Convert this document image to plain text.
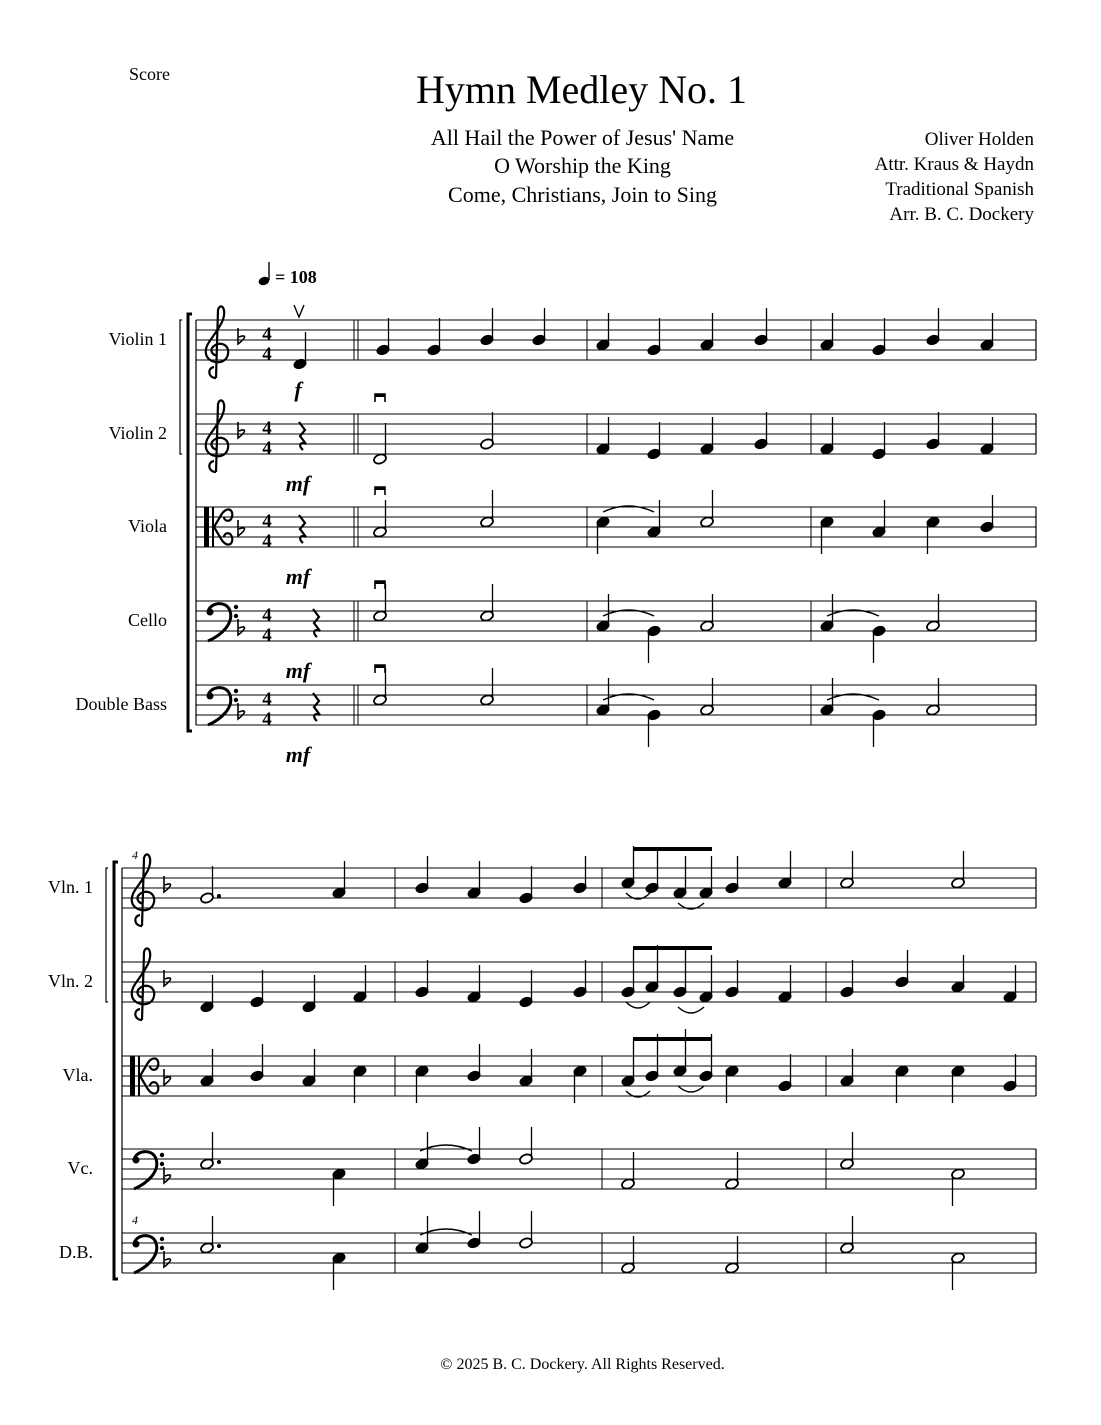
Score	Hymn Medley No. 1
All Hail the Power of Jesus' Name
O Worship the King
Come, Christians, Join to Sing
Oliver Holden
Attr. Kraus & Haydn
Traditional Spanish
Arr. B. C. Dockery
= 108
Violin 1	4
4
f
Violin 2	4
4
mf
Viola	4
4
mf
Cello	4
4
mf
Double Bass	4
4
mf
Vln. 1
Vln. 2
Vla.
Vc.
D.B.
4
4
© 2025 B. C. Dockery. All Rights Reserved.
